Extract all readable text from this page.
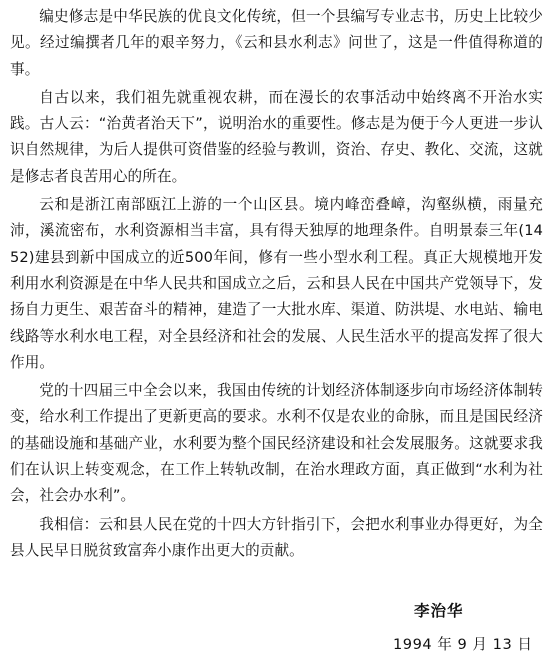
编史修志是中华民族的优良文化传统，但一个县编写专业志书，历史上比较少见。经过编撰者几年的艰辛努力，《云和县水利志》问世了，这是一件值得称道的事。

自古以来，我们祖先就重视农耕，而在漫长的农事活动中始终离不开治水实践。古人云：“治黄者治天下”，说明治水的重要性。修志是为便于今人更进一步认识自然规律，为后人提供可资借鉴的经验与教训，资治、存史、教化、交流，这就是修志者良苦用心的所在。

云和是浙江南部瓯江上游的一个山区县。境内峰峦叠嶂，沟壑纵横，雨量充沛，溪流密布，水利资源相当丰富，具有得天独厚的地理条件。自明景泰三年(1452)建县到新中国成立的近500年间，修有一些小型水利工程。真正大规模地开发利用水利资源是在中华人民共和国成立之后，云和县人民在中国共产党领导下，发扬自力更生、艰苦奋斗的精神，建造了一大批水库、渠道、防洪堤、水电站、输电线路等水利水电工程，对全县经济和社会的发展、人民生活水平的提高发挥了很大作用。

党的十四届三中全会以来，我国由传统的计划经济体制逐步向市场经济体制转变，给水利工作提出了更新更高的要求。水利不仅是农业的命脉，而且是国民经济的基础设施和基础产业，水利要为整个国民经济建设和社会发展服务。这就要求我们在认识上转变观念，在工作上转轨改制，在治水理政方面，真正做到“水利为社会，社会办水利”。

我相信：云和县人民在党的十四大方针指引下，会把水利事业办得更好，为全县人民早日脱贫致富奔小康作出更大的贡献。

李治华
1994 年 9 月 13 日
